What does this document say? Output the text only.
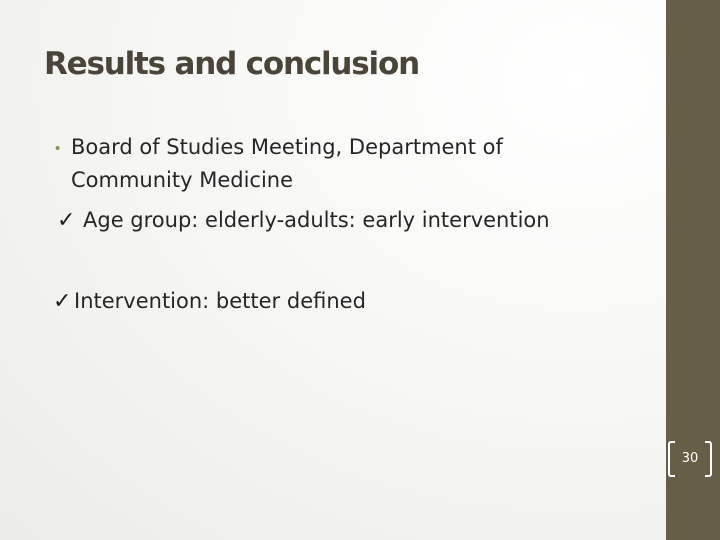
Results and conclusion
• Board of Studies Meeting, Department of
Community Medicine
✓ Age group: elderly-adults: early intervention
✓ Intervention: better defined
30
